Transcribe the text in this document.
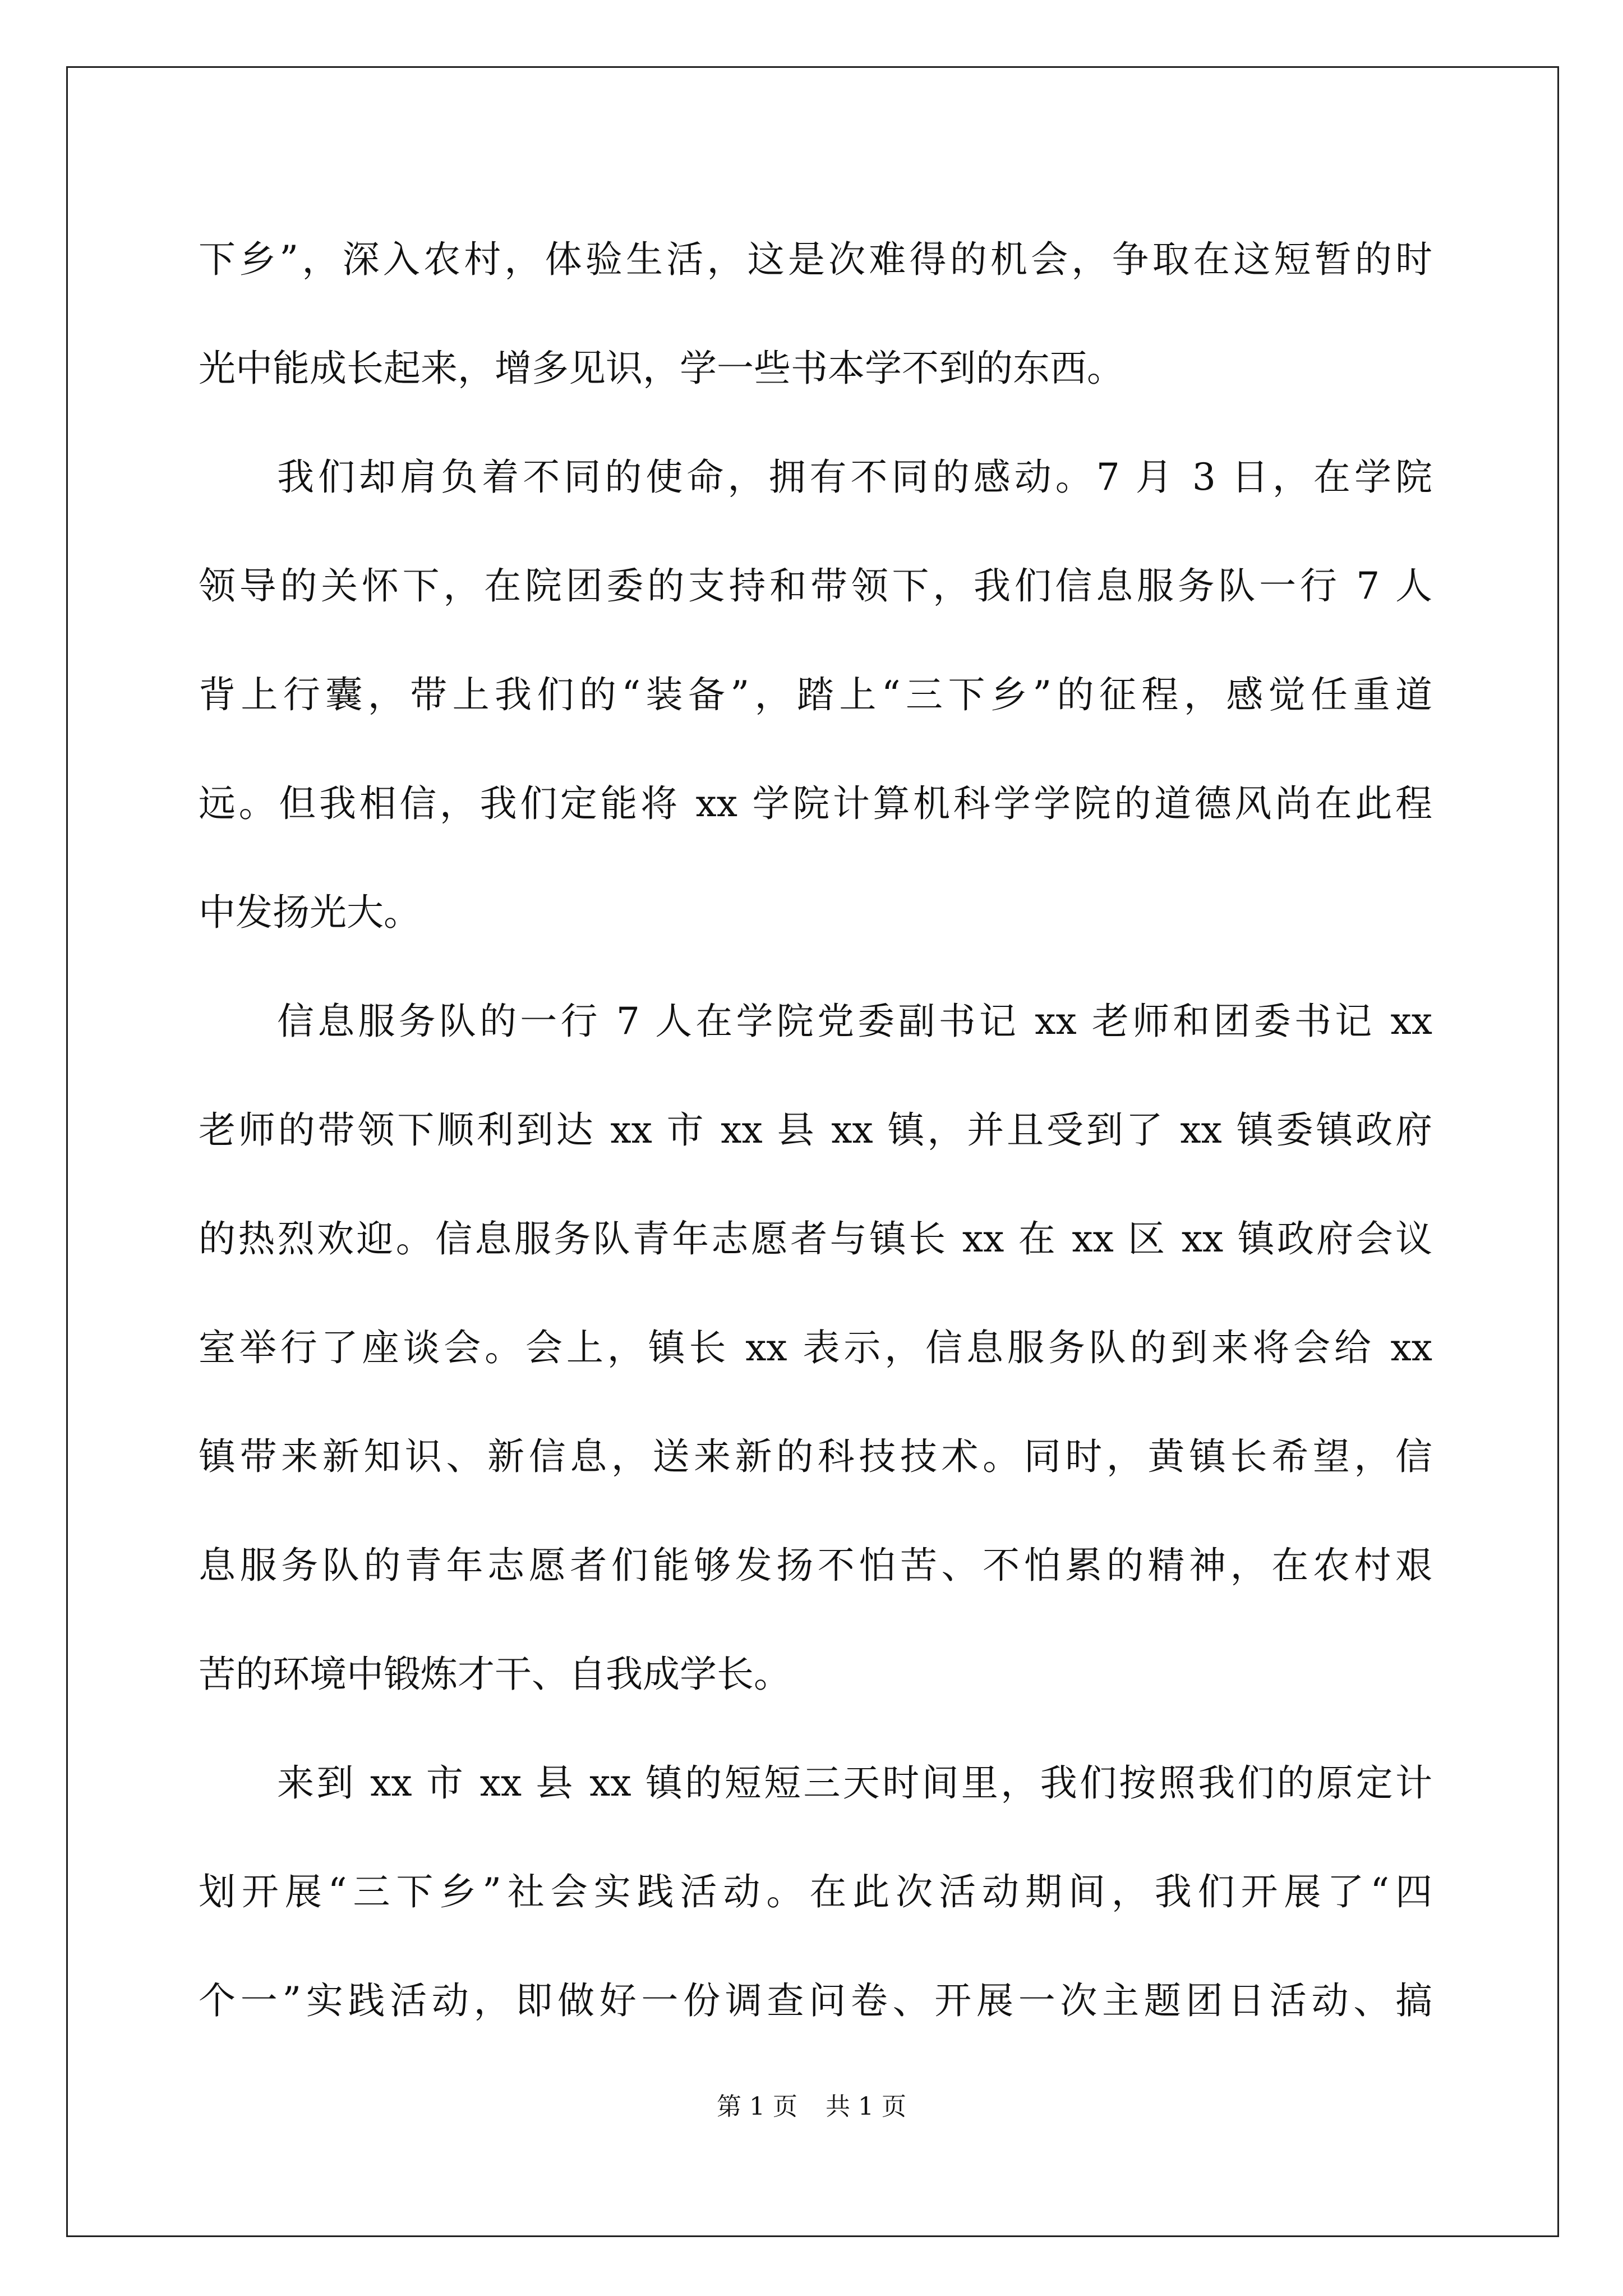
下乡”，深入农村，体验生活，这是次难得的机会，争取在这短暂的时
光中能成长起来，增多见识，学一些书本学不到的东西。
我们却肩负着不同的使命，拥有不同的感动。7 月 3 日，在学院
领导的关怀下，在院团委的支持和带领下，我们信息服务队一行 7 人
背上行囊，带上我们的“装备”，踏上“三下乡”的征程，感觉任重道
远。但我相信，我们定能将 xx 学院计算机科学学院的道德风尚在此程
中发扬光大。
信息服务队的一行 7 人在学院党委副书记 xx 老师和团委书记 xx
老师的带领下顺利到达 xx 市 xx 县 xx 镇，并且受到了 xx 镇委镇政府
的热烈欢迎。信息服务队青年志愿者与镇长 xx 在 xx 区 xx 镇政府会议
室举行了座谈会。会上，镇长 xx 表示，信息服务队的到来将会给 xx
镇带来新知识、新信息，送来新的科技技术。同时，黄镇长希望，信
息服务队的青年志愿者们能够发扬不怕苦、不怕累的精神，在农村艰
苦的环境中锻炼才干、自我成学长。
来到 xx 市 xx 县 xx 镇的短短三天时间里，我们按照我们的原定计
划开展“三下乡”社会实践活动。在此次活动期间，我们开展了“四
个一”实践活动，即做好一份调查问卷、开展一次主题团日活动、搞
第 1 页 共 1 页
